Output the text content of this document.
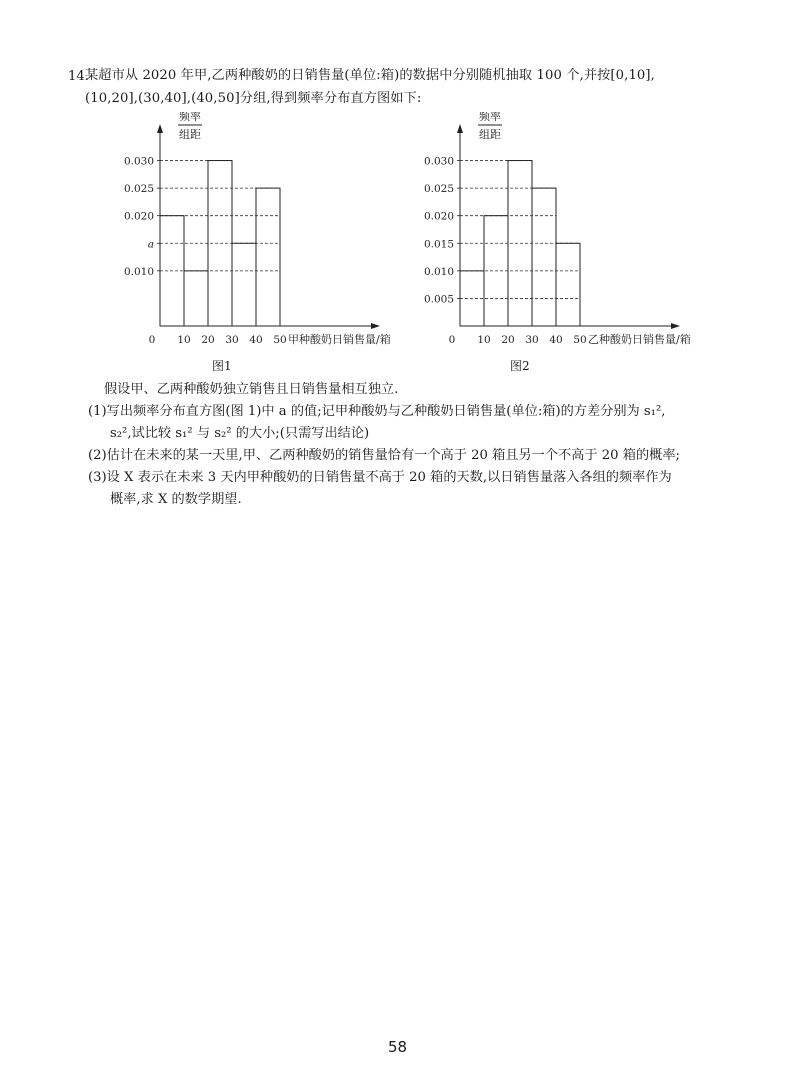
14.
某超市从 2020 年甲,乙两种酸奶的日销售量(单位:箱)的数据中分别随机抽取 100 个,并按[0,10],
(10,20],(30,40],(40,50]分组,得到频率分布直方图如下:
频率
组距
0.030
0.025
0.020
a
0.010
0 10 20 30 40 50 甲种酸奶日销售量/箱
图1
频率
组距
0.030
0.025
0.020
0.015
0.010
0.005
0 10 20 30 40 50 乙种酸奶日销售量/箱
图2
假设甲、乙两种酸奶独立销售且日销售量相互独立.
(1)写出频率分布直方图(图 1)中 a 的值;记甲种酸奶与乙种酸奶日销售量(单位:箱)的方差分别为 s₁²,
s₂²,试比较 s₁² 与 s₂² 的大小;(只需写出结论)
(2)估计在未来的某一天里,甲、乙两种酸奶的销售量恰有一个高于 20 箱且另一个不高于 20 箱的概率;
(3)设 X 表示在未来 3 天内甲种酸奶的日销售量不高于 20 箱的天数,以日销售量落入各组的频率作为
概率,求 X 的数学期望.
58
